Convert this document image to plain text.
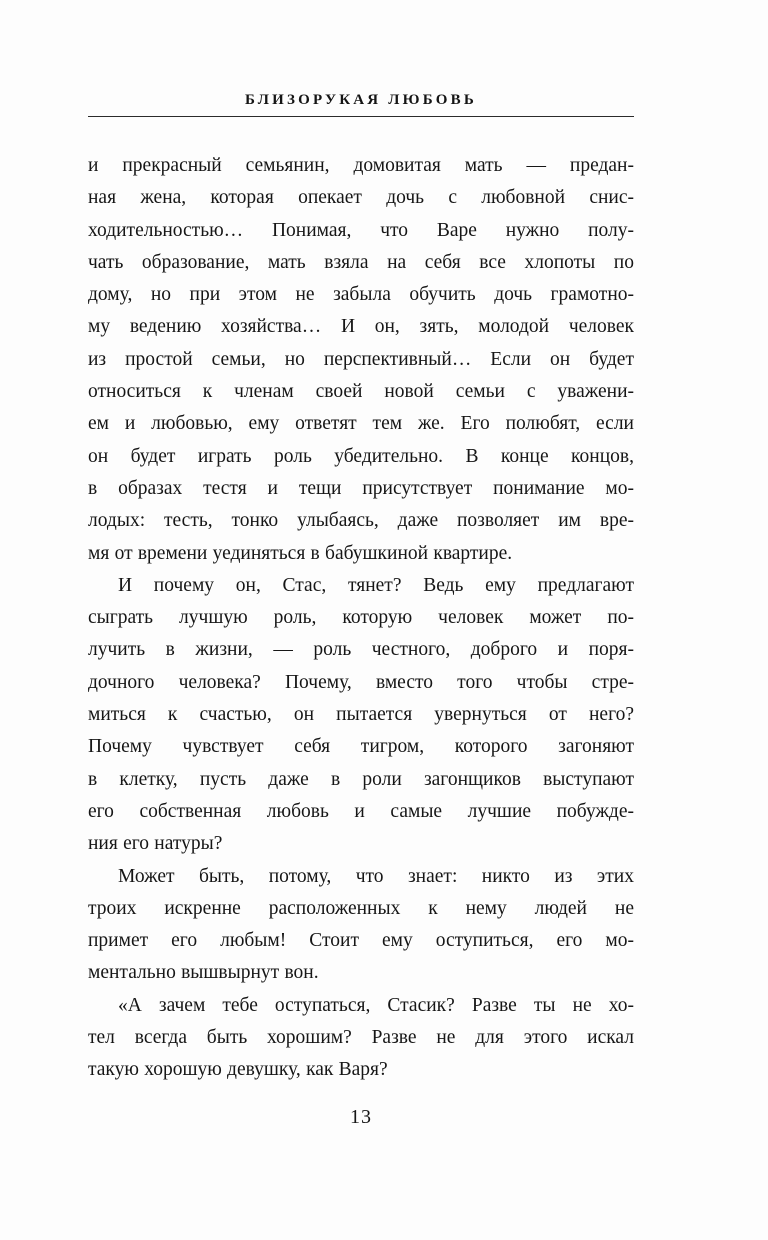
БЛИЗОРУКАЯ ЛЮБОВЬ

и прекрасный семьянин, домовитая мать — предан-
ная жена, которая опекает дочь с любовной снис-
ходительностью… Понимая, что Варе нужно полу-
чать образование, мать взяла на себя все хлопоты по
дому, но при этом не забыла обучить дочь грамотно-
му ведению хозяйства… И он, зять, молодой человек
из простой семьи, но перспективный… Если он будет
относиться к членам своей новой семьи с уважени-
ем и любовью, ему ответят тем же. Его полюбят, если
он будет играть роль убедительно. В конце концов,
в образах тестя и тещи присутствует понимание мо-
лодых: тесть, тонко улыбаясь, даже позволяет им вре-
мя от времени уединяться в бабушкиной квартире.

И почему он, Стас, тянет? Ведь ему предлагают
сыграть лучшую роль, которую человек может по-
лучить в жизни, — роль честного, доброго и поря-
дочного человека? Почему, вместо того чтобы стре-
миться к счастью, он пытается увернуться от него?
Почему чувствует себя тигром, которого загоняют
в клетку, пусть даже в роли загонщиков выступают
его собственная любовь и самые лучшие побужде-
ния его натуры?

Может быть, потому, что знает: никто из этих
троих искренне расположенных к нему людей не
примет его любым! Стоит ему оступиться, его мо-
ментально вышвырнут вон.

«А зачем тебе оступаться, Стасик? Разве ты не хо-
тел всегда быть хорошим? Разве не для этого искал
такую хорошую девушку, как Варя?

13
